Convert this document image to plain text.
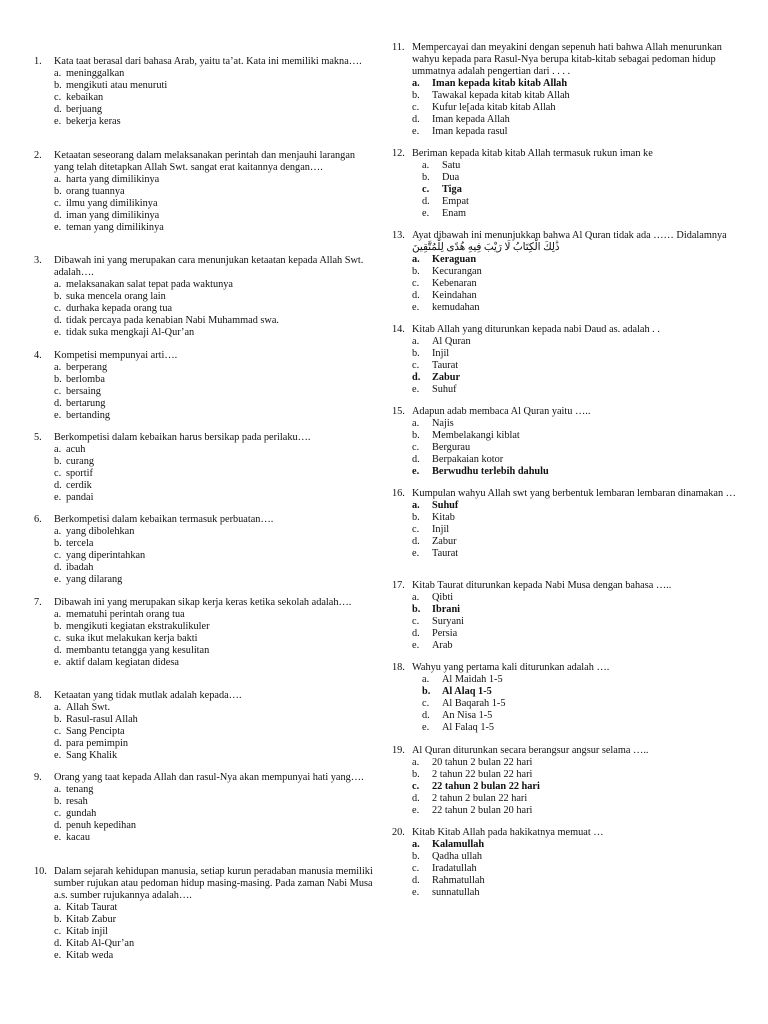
1.	Kata taat berasal dari bahasa Arab, yaitu ta’at. Kata ini memiliki makna….
a. meninggalkan
b. mengikuti atau menuruti
c. kebaikan
d. berjuang
e. bekerja keras
2.	Ketaatan seseorang dalam melaksanakan perintah dan menjauhi larangan yang telah ditetapkan Allah Swt. sangat erat kaitannya dengan….
a. harta yang dimilikinya
b. orang tuannya
c. ilmu yang dimilikinya
d. iman yang dimilikinya
e. teman yang dimilikinya
3.	Dibawah ini yang merupakan cara menunjukan ketaatan kepada Allah Swt. adalah….
a. melaksanakan salat tepat pada waktunya
b. suka mencela orang lain
c. durhaka kepada orang tua
d. tidak percaya pada kenabian Nabi Muhammad swa.
e. tidak suka mengkaji Al-Qur’an
4.	Kompetisi mempunyai arti….
a. berperang
b. berlomba
c. bersaing
d. bertarung
e. bertanding
5.	Berkompetisi dalam kebaikan harus bersikap pada perilaku….
a. acuh
b. curang
c. sportif
d. cerdik
e. pandai
6.	Berkompetisi dalam kebaikan termasuk perbuatan….
a. yang dibolehkan
b. tercela
c. yang diperintahkan
d. ibadah
e. yang dilarang
7.	Dibawah ini yang merupakan sikap kerja keras ketika sekolah adalah….
a. mematuhi perintah orang tua
b. mengikuti kegiatan ekstrakulikuler
c. suka ikut melakukan kerja bakti
d. membantu tetangga yang kesulitan
e. aktif dalam kegiatan didesa
8.	Ketaatan yang tidak mutlak adalah kepada….
a. Allah Swt.
b. Rasul-rasul Allah
c. Sang Pencipta
d. para pemimpin
e. Sang Khalik
9.	Orang yang taat kepada Allah dan rasul-Nya akan mempunyai hati yang….
a. tenang
b. resah
c. gundah
d. penuh kepedihan
e. kacau
10. Dalam sejarah kehidupan manusia, setiap kurun peradaban manusia memiliki sumber rujukan atau pedoman hidup masing-masing. Pada zaman Nabi Musa a.s. sumber rujukannya adalah….
a. Kitab Taurat
b. Kitab Zabur
c. Kitab injil
d. Kitab Al-Qur’an
e. Kitab weda
11. Mempercayai dan meyakini dengan sepenuh hati bahwa Allah menurunkan wahyu kepada para Rasul-Nya berupa kitab-kitab sebagai pedoman hidup ummatnya adalah pengertian dari . . . .
a.	Iman kepada kitab kitab Allah
b.	Tawakal kepada kitab kitab Allah
c.	Kufur le[ada kitab kitab Allah
d.	Iman kepada Allah
e.	Iman kepada rasul
12. Beriman kepada kitab kitab Allah termasuk rukun iman ke
a.	Satu
b.	Dua
c.	Tiga
d.	Empat
e.	Enam
13. Ayat dibawah ini menunjukkan bahwa Al Quran tidak ada …… Didalamnya ذَٰلِكَ الْكِتَابُ لَا رَيْبَ فِيهِ هُدًى لِلْمُتَّقِينَ
a.	Keraguan
b.	Kecurangan
c.	Kebenaran
d.	Keindahan
e.	kemudahan
14. Kitab Allah yang diturunkan kepada nabi Daud as. adalah . .
a.	Al Quran
b.	Injil
c.	Taurat
d.	Zabur
e.	Suhuf
15. Adapun adab membaca Al Quran yaitu …..
a.	Najis
b.	Membelakangi kiblat
c.	Bergurau
d.	Berpakaian kotor
e.	Berwudhu terlebih dahulu
16. Kumpulan wahyu Allah swt yang berbentuk lembaran lembaran dinamakan …
a.	Suhuf
b.	Kitab
c.	Injil
d.	Zabur
e.	Taurat
17. Kitab Taurat diturunkan kepada Nabi Musa dengan bahasa …..
a.	Qibti
b.	Ibrani
c.	Suryani
d.	Persia
e.	Arab
18. Wahyu yang pertama kali diturunkan adalah ….
a.	Al Maidah 1-5
b.	Al Alaq 1-5
c.	Al Baqarah 1-5
d.	An Nisa 1-5
e.	Al Falaq 1-5
19. Al Quran diturunkan secara berangsur angsur selama …..
a.	20 tahun 2 bulan 22 hari
b.	2 tahun 22 bulan 22 hari
c.	22 tahun 2 bulan 22 hari
d.	2 tahun 2 bulan 22 hari
e.	22 tahun 2 bulan 20 hari
20. Kitab Kitab Allah pada hakikatnya memuat …
a.	Kalamullah
b.	Qadha ullah
c.	Iradatullah
d.	Rahmatullah
e.	sunnatullah
